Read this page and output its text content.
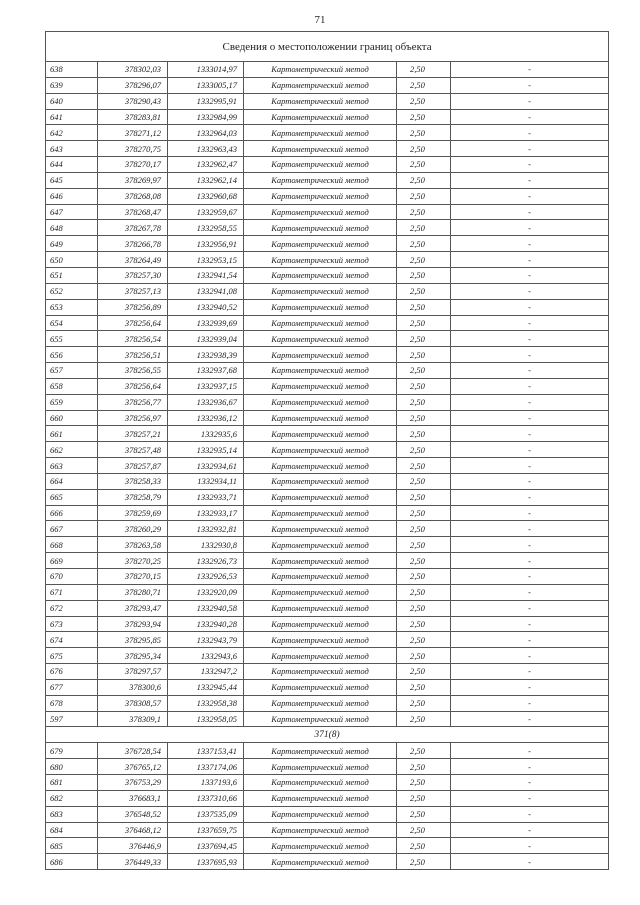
71
Сведения о местоположении границ объекта					
638	378302,03	1333014,97	Картометрический метод	2,50	-
639	378296,07	1333005,17	Картометрический метод	2,50	-
640	378290,43	1332995,91	Картометрический метод	2,50	-
641	378283,81	1332984,99	Картометрический метод	2,50	-
642	378271,12	1332964,03	Картометрический метод	2,50	-
643	378270,75	1332963,43	Картометрический метод	2,50	-
644	378270,17	1332962,47	Картометрический метод	2,50	-
645	378269,97	1332962,14	Картометрический метод	2,50	-
646	378268,08	1332960,68	Картометрический метод	2,50	-
647	378268,47	1332959,67	Картометрический метод	2,50	-
648	378267,78	1332958,55	Картометрический метод	2,50	-
649	378266,78	1332956,91	Картометрический метод	2,50	-
650	378264,49	1332953,15	Картометрический метод	2,50	-
651	378257,30	1332941,54	Картометрический метод	2,50	-
652	378257,13	1332941,08	Картометрический метод	2,50	-
653	378256,89	1332940,52	Картометрический метод	2,50	-
654	378256,64	1332939,69	Картометрический метод	2,50	-
655	378256,54	1332939,04	Картометрический метод	2,50	-
656	378256,51	1332938,39	Картометрический метод	2,50	-
657	378256,55	1332937,68	Картометрический метод	2,50	-
658	378256,64	1332937,15	Картометрический метод	2,50	-
659	378256,77	1332936,67	Картометрический метод	2,50	-
660	378256,97	1332936,12	Картометрический метод	2,50	-
661	378257,21	1332935,6	Картометрический метод	2,50	-
662	378257,48	1332935,14	Картометрический метод	2,50	-
663	378257,87	1332934,61	Картометрический метод	2,50	-
664	378258,33	1332934,11	Картометрический метод	2,50	-
665	378258,79	1332933,71	Картометрический метод	2,50	-
666	378259,69	1332933,17	Картометрический метод	2,50	-
667	378260,29	1332932,81	Картометрический метод	2,50	-
668	378263,58	1332930,8	Картометрический метод	2,50	-
669	378270,25	1332926,73	Картометрический метод	2,50	-
670	378270,15	1332926,53	Картометрический метод	2,50	-
671	378280,71	1332920,09	Картометрический метод	2,50	-
672	378293,47	1332940,58	Картометрический метод	2,50	-
673	378293,94	1332940,28	Картометрический метод	2,50	-
674	378295,85	1332943,79	Картометрический метод	2,50	-
675	378295,34	1332943,6	Картометрический метод	2,50	-
676	378297,57	1332947,2	Картометрический метод	2,50	-
677	378300,6	1332945,44	Картометрический метод	2,50	-
678	378308,57	1332958,38	Картометрический метод	2,50	-
597	378309,1	1332958,05	Картометрический метод	2,50	-
371(8)					
679	376728,54	1337153,41	Картометрический метод	2,50	-
680	376765,12	1337174,06	Картометрический метод	2,50	-
681	376753,29	1337193,6	Картометрический метод	2,50	-
682	376683,1	1337310,66	Картометрический метод	2,50	-
683	376548,52	1337535,09	Картометрический метод	2,50	-
684	376468,12	1337659,75	Картометрический метод	2,50	-
685	376446,9	1337694,45	Картометрический метод	2,50	-
686	376449,33	1337695,93	Картометрический метод	2,50	-
